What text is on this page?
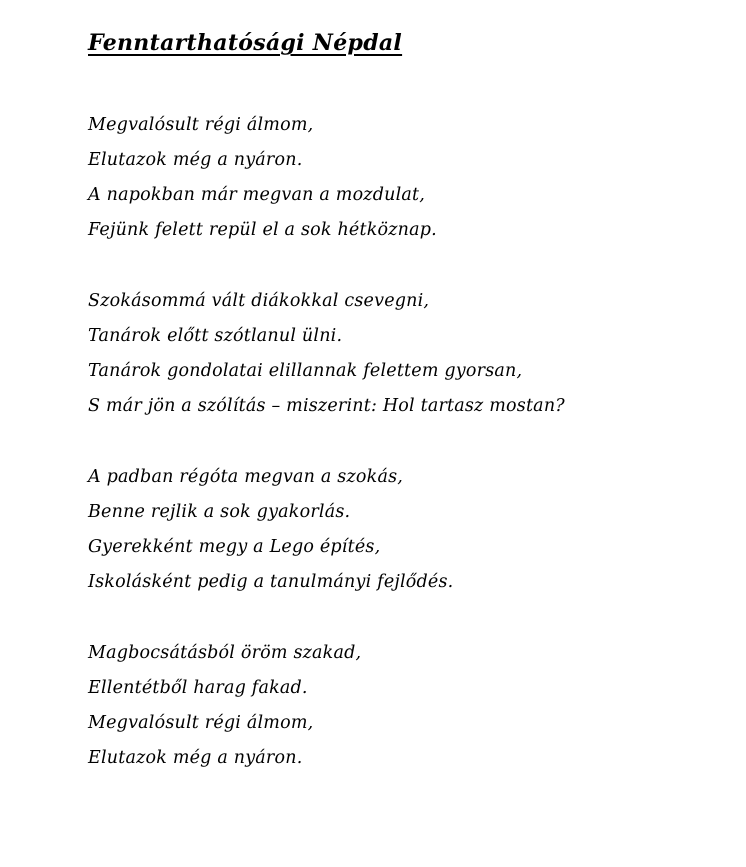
Fenntarthatósági Népdal
Megvalósult régi álmom,
Elutazok még a nyáron.
A napokban már megvan a mozdulat,
Fejünk felett repül el a sok hétköznap.
Szokásommá vált diákokkal csevegni,
Tanárok előtt szótlanul ülni.
Tanárok gondolatai elillannak felettem gyorsan,
S már jön a szólítás – miszerint: Hol tartasz mostan?
A padban régóta megvan a szokás,
Benne rejlik a sok gyakorlás.
Gyerekként megy a Lego építés,
Iskolásként pedig a tanulmányi fejlődés.
Magbocsátásból öröm szakad,
Ellentétből harag fakad.
Megvalósult régi álmom,
Elutazok még a nyáron.
